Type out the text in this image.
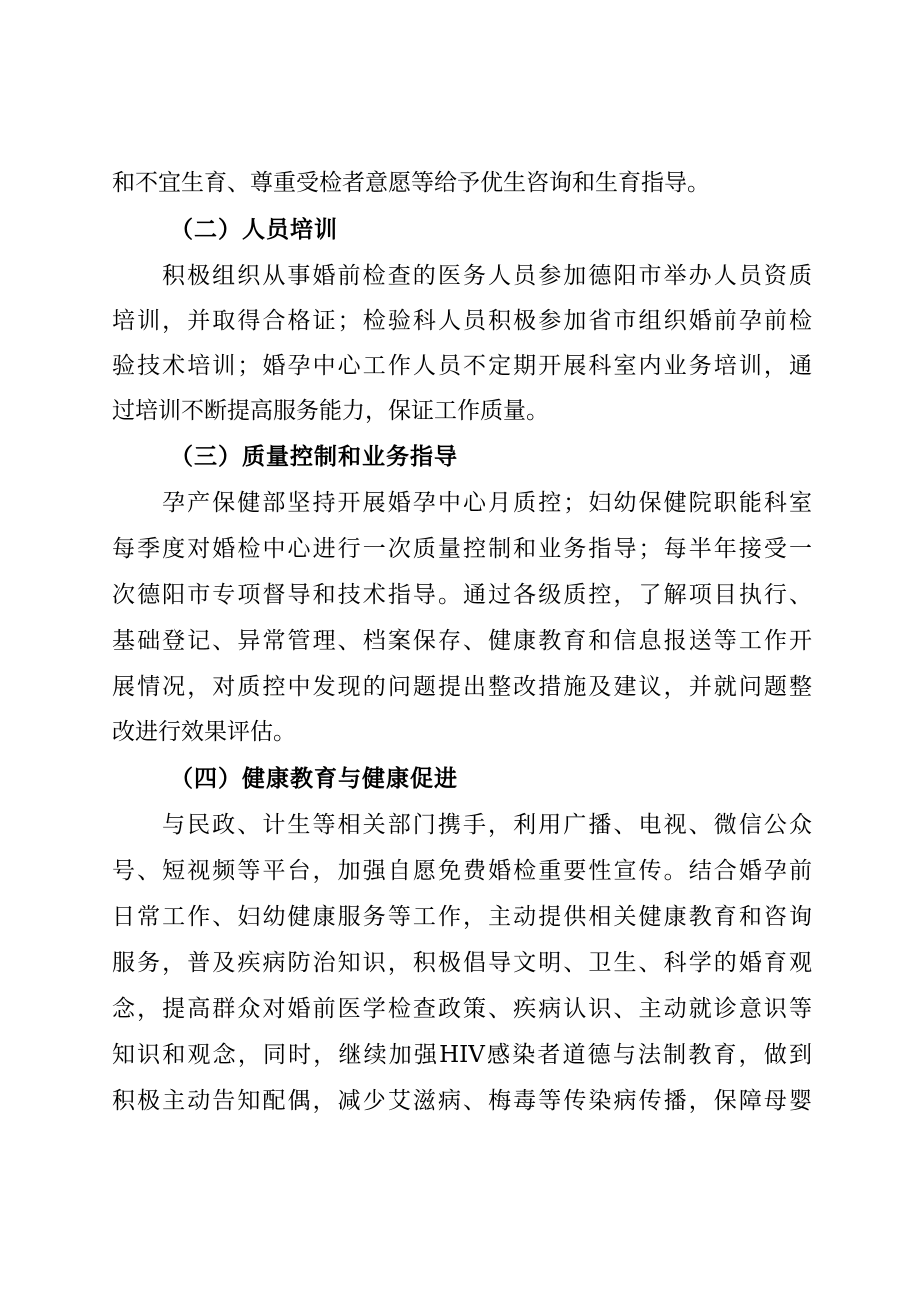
和不宜生育、尊重受检者意愿等给予优生咨询和生育指导。
（二）人员培训
积极组织从事婚前检查的医务人员参加德阳市举办人员资质
培训，并取得合格证；检验科人员积极参加省市组织婚前孕前检
验技术培训；婚孕中心工作人员不定期开展科室内业务培训，通
过培训不断提高服务能力，保证工作质量。
（三）质量控制和业务指导
孕产保健部坚持开展婚孕中心月质控；妇幼保健院职能科室
每季度对婚检中心进行一次质量控制和业务指导；每半年接受一
次德阳市专项督导和技术指导。通过各级质控，了解项目执行、
基础登记、异常管理、档案保存、健康教育和信息报送等工作开
展情况，对质控中发现的问题提出整改措施及建议，并就问题整
改进行效果评估。
（四）健康教育与健康促进
与民政、计生等相关部门携手，利用广播、电视、微信公众
号、短视频等平台，加强自愿免费婚检重要性宣传。结合婚孕前
日常工作、妇幼健康服务等工作，主动提供相关健康教育和咨询
服务，普及疾病防治知识，积极倡导文明、卫生、科学的婚育观
念，提高群众对婚前医学检查政策、疾病认识、主动就诊意识等
知识和观念，同时，继续加强HIV感染者道德与法制教育，做到
积极主动告知配偶，减少艾滋病、梅毒等传染病传播，保障母婴
